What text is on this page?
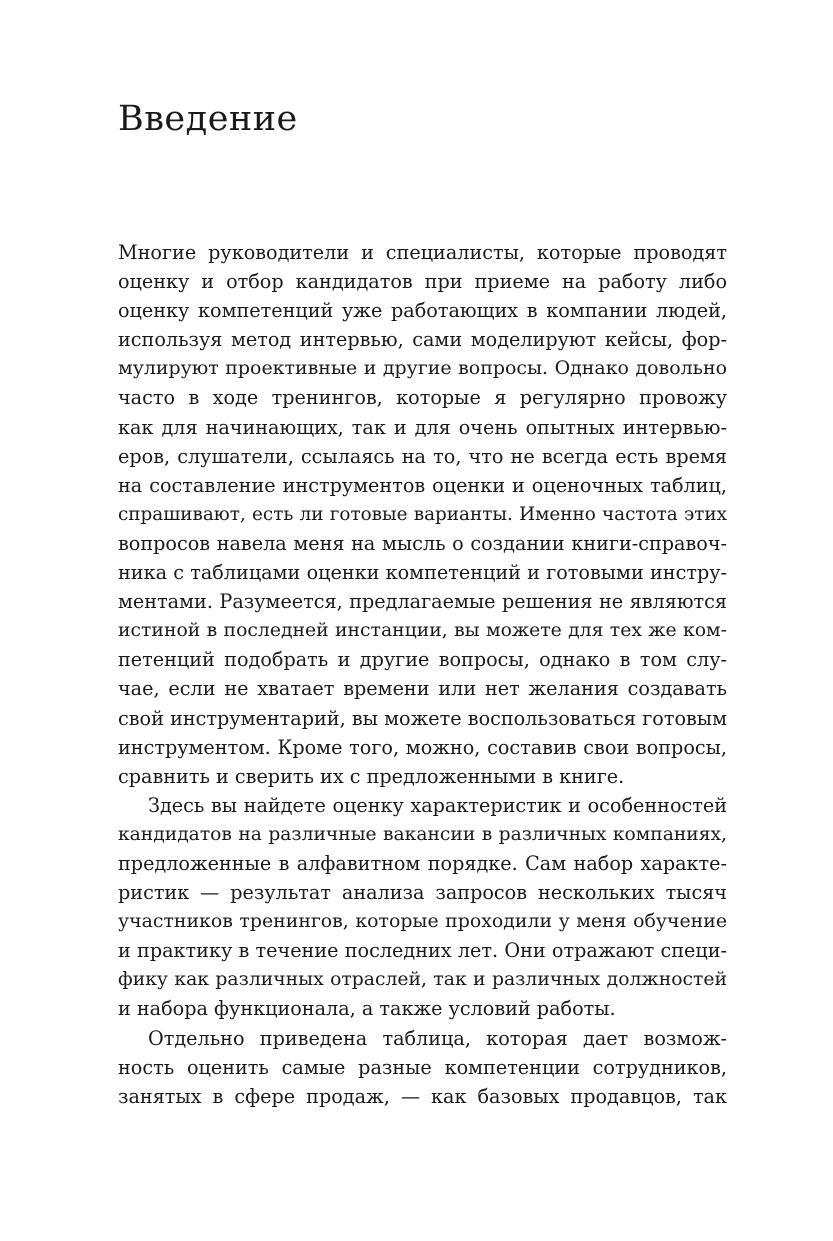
Введение
Многие руководители и специалисты, которые проводят
оценку и отбор кандидатов при приеме на работу либо
оценку компетенций уже работающих в компании людей,
используя метод интервью, сами моделируют кейсы, фор-
мулируют проективные и другие вопросы. Однако довольно
часто в ходе тренингов, которые я регулярно провожу
как для начинающих, так и для очень опытных интервью-
еров, слушатели, ссылаясь на то, что не всегда есть время
на составление инструментов оценки и оценочных таблиц,
спрашивают, есть ли готовые варианты. Именно частота этих
вопросов навела меня на мысль о создании книги-справоч-
ника с таблицами оценки компетенций и готовыми инстру-
ментами. Разумеется, предлагаемые решения не являются
истиной в последней инстанции, вы можете для тех же ком-
петенций подобрать и другие вопросы, однако в том слу-
чае, если не хватает времени или нет желания создавать
свой инструментарий, вы можете воспользоваться готовым
инструментом. Кроме того, можно, составив свои вопросы,
сравнить и сверить их с предложенными в книге.
Здесь вы найдете оценку характеристик и особенностей
кандидатов на различные вакансии в различных компаниях,
предложенные в алфавитном порядке. Сам набор характе-
ристик — результат анализа запросов нескольких тысяч
участников тренингов, которые проходили у меня обучение
и практику в течение последних лет. Они отражают специ-
фику как различных отраслей, так и различных должностей
и набора функционала, а также условий работы.
Отдельно приведена таблица, которая дает возмож-
ность оценить самые разные компетенции сотрудников,
занятых в сфере продаж, — как базовых продавцов, так
